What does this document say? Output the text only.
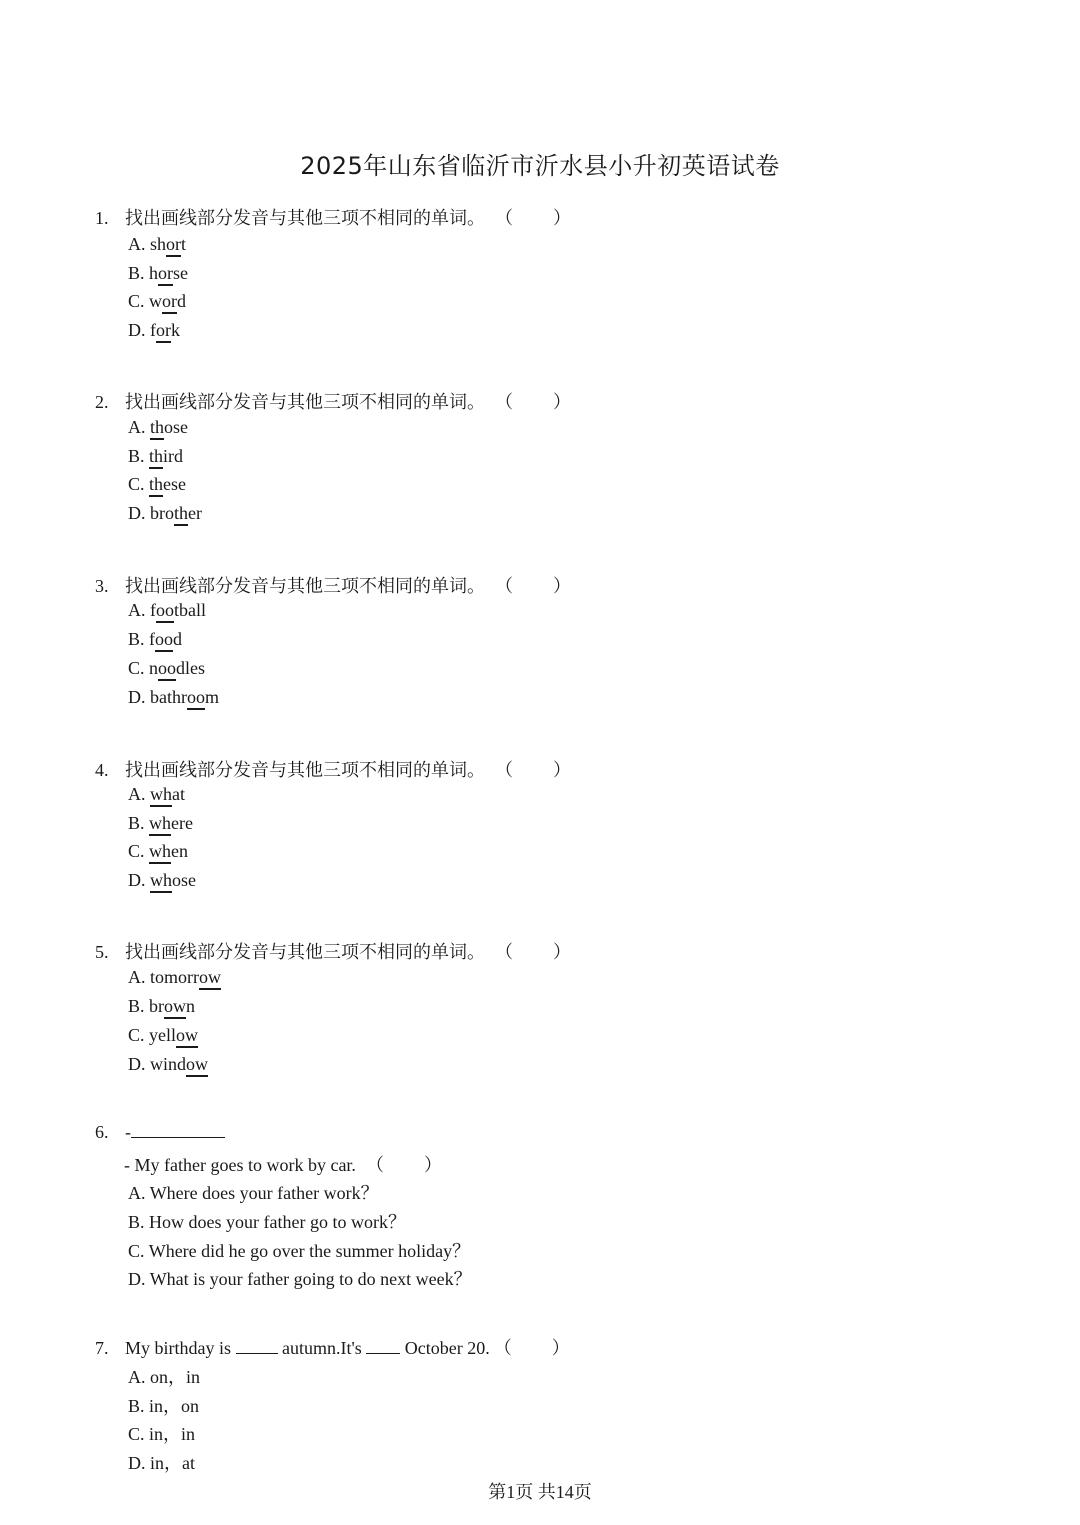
2025年山东省临沂市沂水县小升初英语试卷
1. 找出画线部分发音与其他三项不相同的单词。 （ ）
A. short
B. horse
C. word
D. fork
2. 找出画线部分发音与其他三项不相同的单词。 （ ）
A. those
B. third
C. these
D. brother
3. 找出画线部分发音与其他三项不相同的单词。 （ ）
A. football
B. food
C. noodles
D. bathroom
4. 找出画线部分发音与其他三项不相同的单词。 （ ）
A. what
B. where
C. when
D. whose
5. 找出画线部分发音与其他三项不相同的单词。 （ ）
A. tomorrow
B. brown
C. yellow
D. window
6. -
- My father goes to work by car. （ ）
A. Where does your father work？
B. How does your father go to work？
C. Where did he go over the summer holiday？
D. What is your father going to do next week？
7. My birthday is	autumn.It's October 20. （ ）
A. on，in
B. in，on
C. in，in
D. in，at
第1页 共14页
